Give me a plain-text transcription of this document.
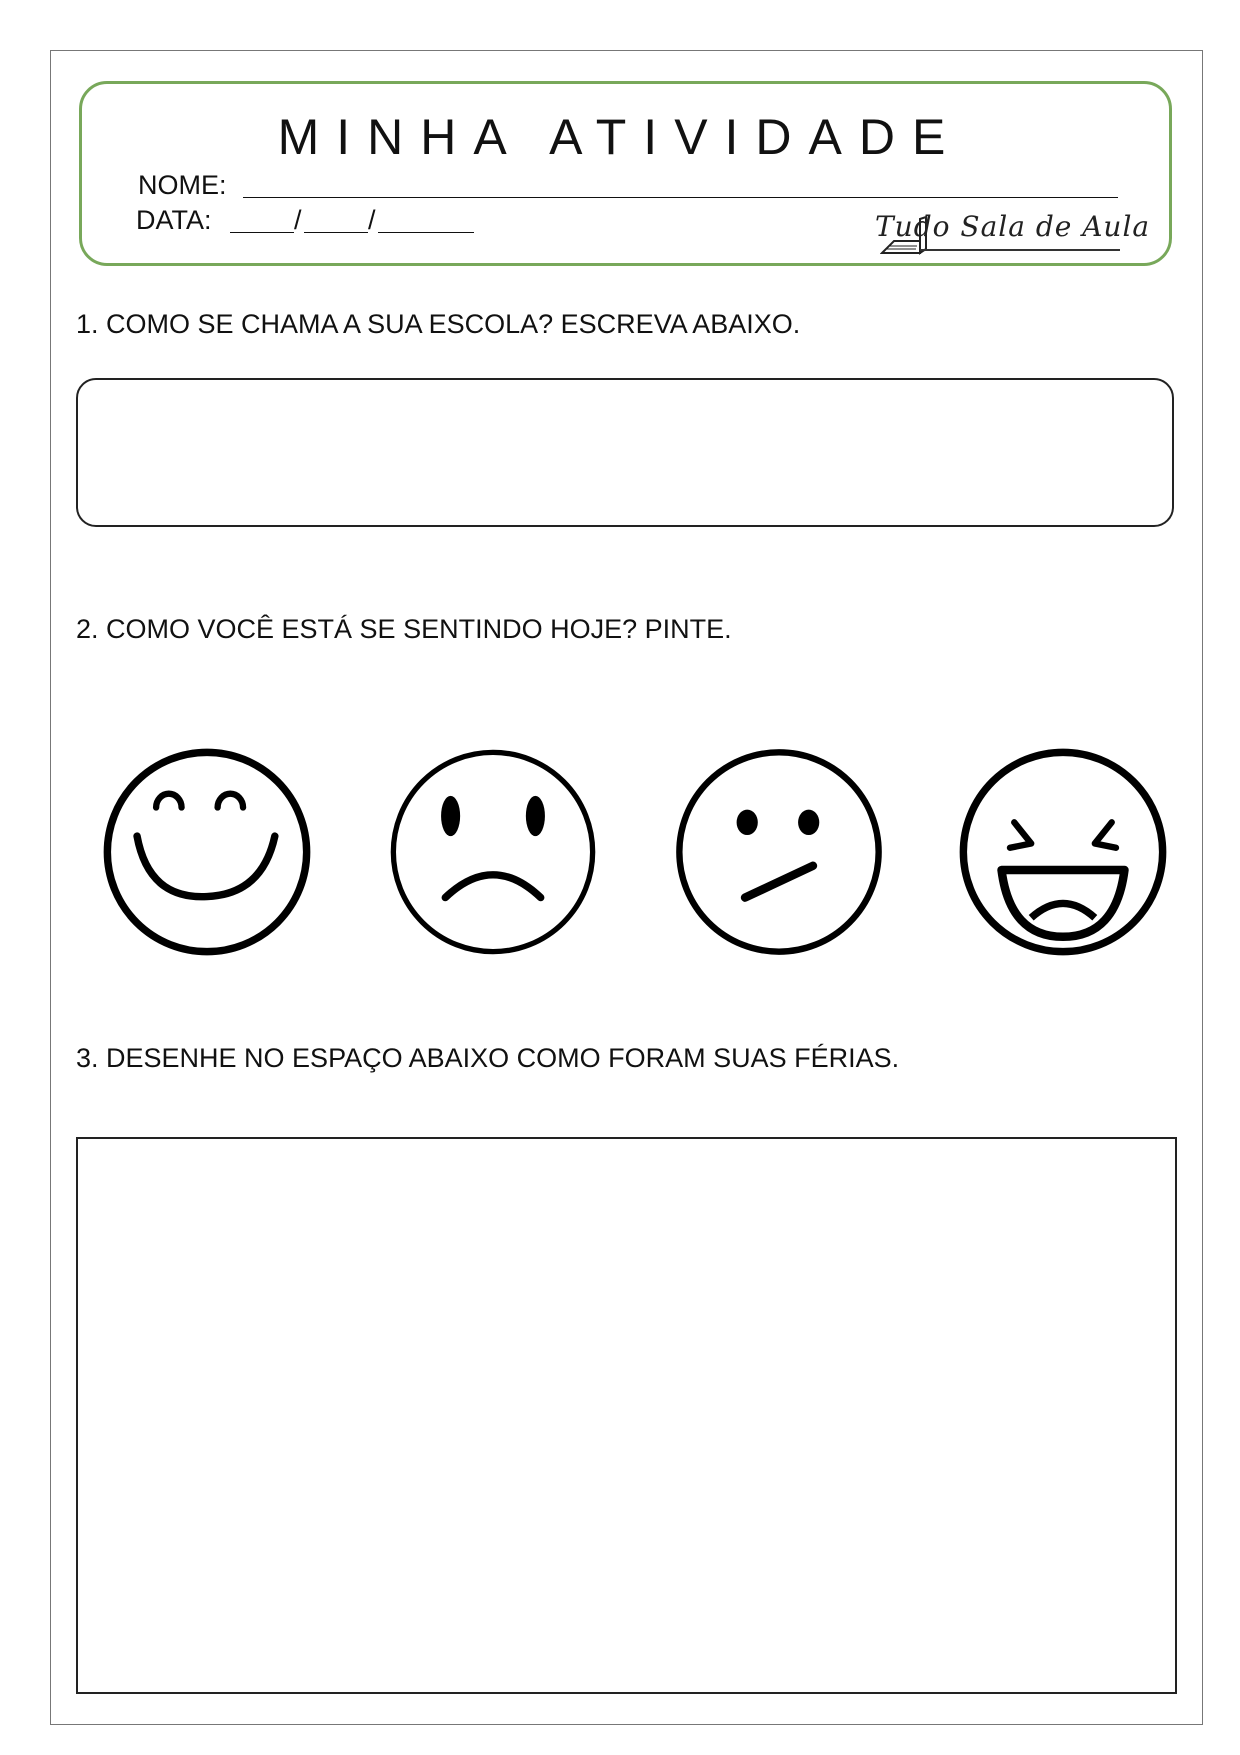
MINHA ATIVIDADE
NOME:
DATA:	/ /	Tudo Sala de Aula
1. COMO SE CHAMA A SUA ESCOLA? ESCREVA ABAIXO.
2. COMO VOCÊ ESTÁ SE SENTINDO HOJE? PINTE.
3. DESENHE NO ESPAÇO ABAIXO COMO FORAM SUAS FÉRIAS.
